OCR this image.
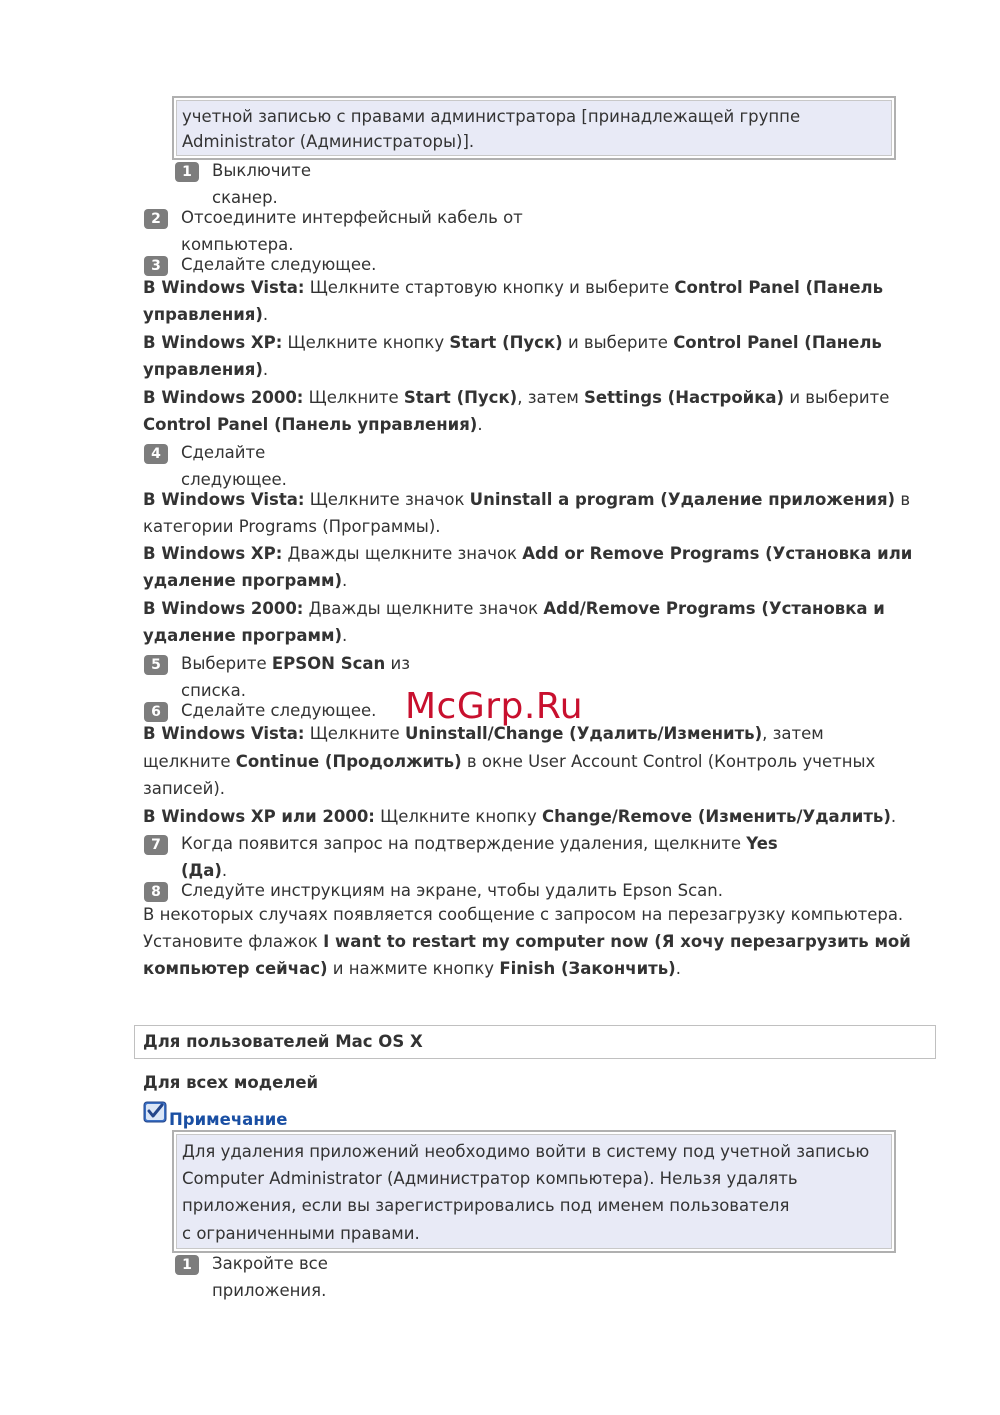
учетной записью с правами администратора [принадлежащей группе
Administrator (Администраторы)].
1	Выключите
сканер.
2	Отсоедините интерфейсный кабель от
компьютера.
3	Сделайте следующее.
В Windows Vista: Щелкните стартовую кнопку и выберите Control Panel (Панель
управления).
В Windows XP: Щелкните кнопку Start (Пуск) и выберите Control Panel (Панель
управления).
В Windows 2000: Щелкните Start (Пуск), затем Settings (Настройка) и выберите
Control Panel (Панель управления).
4	Сделайте
следующее.
В Windows Vista: Щелкните значок Uninstall a program (Удаление приложения) в
категории Programs (Программы).
В Windows XP: Дважды щелкните значок Add or Remove Programs (Установка или
удаление программ).
В Windows 2000: Дважды щелкните значок Add/Remove Programs (Установка и
удаление программ).
5	Выберите EPSON Scan из
списка.	McGrp.Ru
6	Сделайте следующее.
В Windows Vista: Щелкните Uninstall/Change (Удалить/Изменить), затем
щелкните Continue (Продолжить) в окне User Account Control (Контроль учетных
записей).
В Windows XP или 2000: Щелкните кнопку Change/Remove (Изменить/Удалить).
7	Когда появится запрос на подтверждение удаления, щелкните Yes
(Да).
8	Следуйте инструкциям на экране, чтобы удалить Epson Scan.
В некоторых случаях появляется сообщение с запросом на перезагрузку компьютера.
Установите флажок I want to restart my computer now (Я хочу перезагрузить мой
компьютер сейчас) и нажмите кнопку Finish (Закончить).
Для пользователей Mac OS X
Для всех моделей
Примечание
Для удаления приложений необходимо войти в систему под учетной записью
Computer Administrator (Администратор компьютера). Нельзя удалять
приложения, если вы зарегистрировались под именем пользователя
с ограниченными правами.
1	Закройте все
приложения.
